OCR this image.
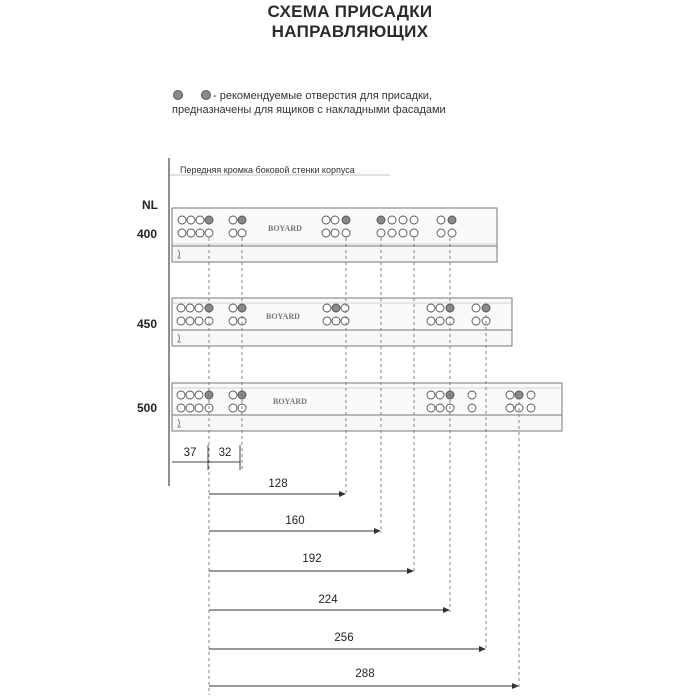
СХЕМА ПРИСАДКИ
НАПРАВЛЯЮЩИХ
- рекомендуемые отверстия для присадки,
предназначены для ящиков с накладными фасадами
Передняя кромка боковой стенки корпуса
NL
400
450
500
BOYARD
BOYARD
BOYARD
37	32
128
160
192
224
256
288
